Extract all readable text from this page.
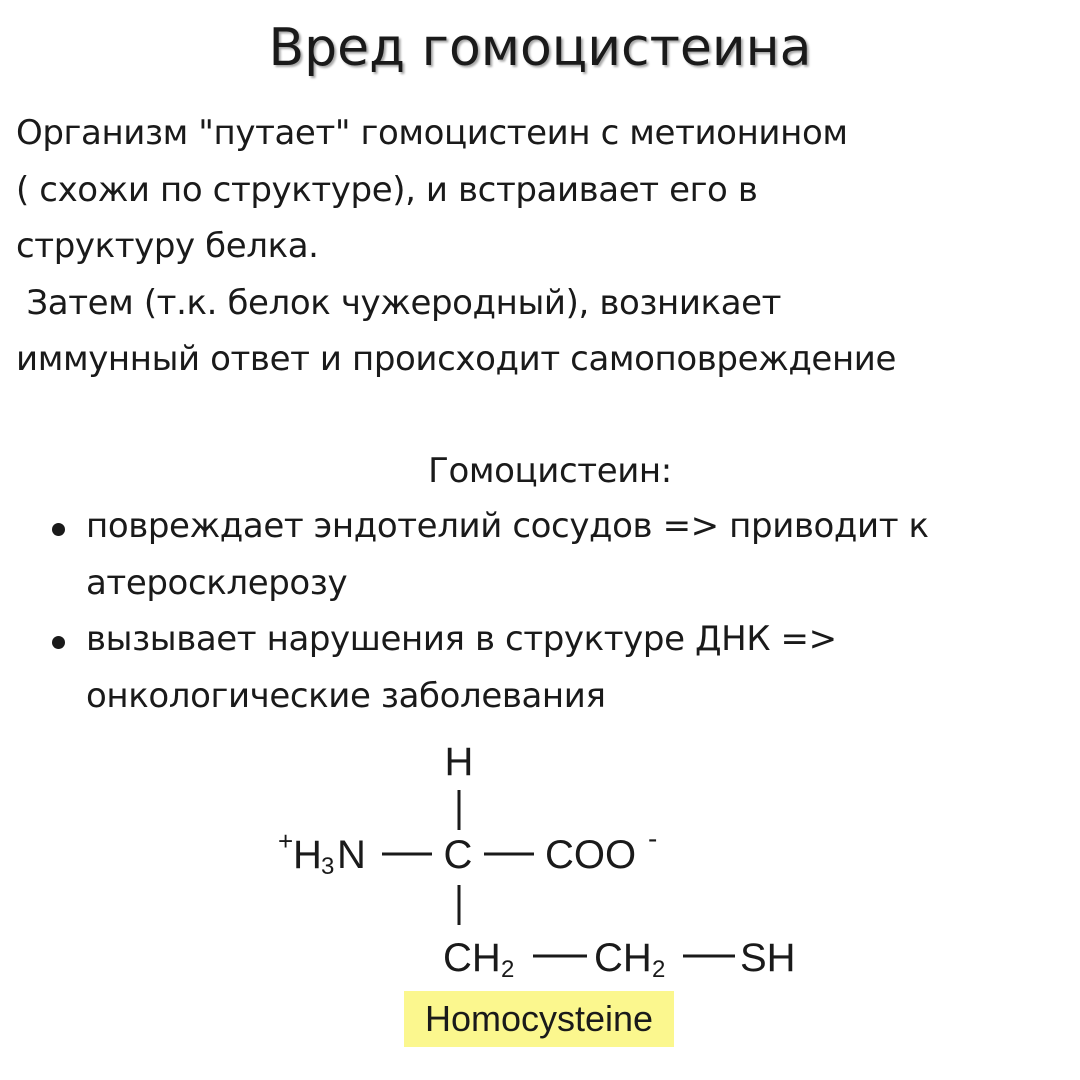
Вред гомоцистеина
Организм "путает" гомоцистеин с метионином
( схожи по структуре), и встраивает его в
структуру белка.
Затем (т.к. белок чужеродный), возникает
иммунный ответ и происходит самоповреждение
Гомоцистеин:
повреждает эндотелий сосудов => приводит к
атеросклерозу
вызывает нарушения в структуре ДНК =>
онкологические заболевания
H
+ H 3 N C COO -
CH 2 CH 2 SH
Homocysteine
